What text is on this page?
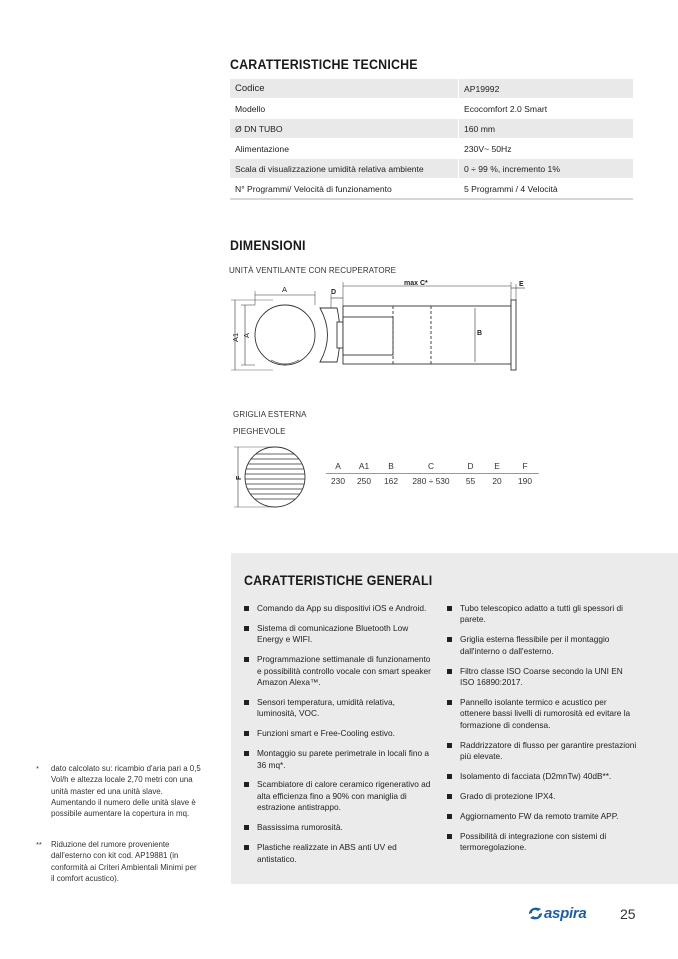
CARATTERISTICHE TECNICHE
Codice	AP19992
Modello	Ecocomfort 2.0 Smart
Ø DN TUBO	160 mm
Alimentazione	230V~ 50Hz
Scala di visualizzazione umidità relativa ambiente	0 ÷ 99 %, incremento 1%
N° Programmi/ Velocità di funzionamento	5 Programmi / 4 Velocità
DIMENSIONI
UNITÀ VENTILANTE CON RECUPERATORE
A
A
A1
max C*
D
E
B
GRIGLIA ESTERNA
PIEGHEVOLE
F
A	A1	B	C	D	E	F
230	250	162	280 ÷ 530	55	20	190
CARATTERISTICHE GENERALI
Comando da App su dispositivi iOS e Android.
Sistema di comunicazione Bluetooth Low Energy e WIFI.
Programmazione settimanale di funzionamento e possibilità controllo vocale con smart speaker Amazon Alexa™.
Sensori temperatura, umidità relativa, luminosità, VOC.
Funzioni smart e Free-Cooling estivo.
Montaggio su parete perimetrale in locali fino a 36 mq*.
Scambiatore di calore ceramico rigenerativo ad alta efficienza fino a 90% con maniglia di estrazione antistrappo.
Bassissima rumorosità.
Plastiche realizzate in ABS anti UV ed antistatico.
Tubo telescopico adatto a tutti gli spessori di parete.
Griglia esterna flessibile per il montaggio dall'interno o dall'esterno.
Filtro classe ISO Coarse secondo la UNI EN ISO 16890:2017.
Pannello isolante termico e acustico per ottenere bassi livelli di rumorosità ed evitare la formazione di condensa.
Raddrizzatore di flusso per garantire prestazioni più elevate.
Isolamento di facciata (D2mnTw) 40dB**.
Grado di protezione IPX4.
Aggiornamento FW da remoto tramite APP.
Possibilità di integrazione con sistemi di termoregolazione.
* dato calcolato su: ricambio d'aria pari a 0,5 Vol/h e altezza locale 2,70 metri con una unità master ed una unità slave. Aumentando il numero delle unità slave è possibile aumentare la copertura in mq.
** Riduzione del rumore proveniente dall'esterno con kit cod. AP19881 (in conformità ai Criteri Ambientali Minimi per il comfort acustico).
aspira 25
